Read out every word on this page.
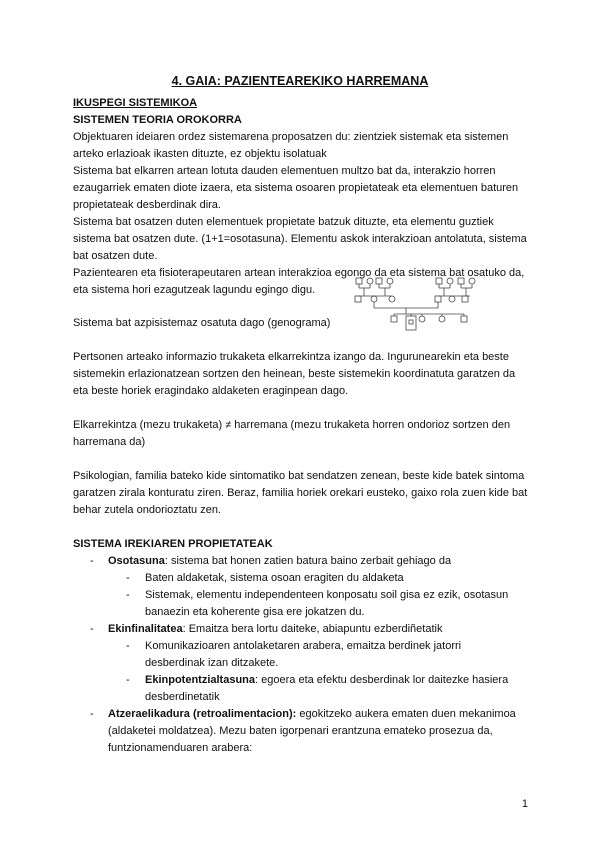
4. GAIA: PAZIENTEAREKIKO HARREMANA
IKUSPEGI SISTEMIKOA
SISTEMEN TEORIA OROKORRA
Objektuaren ideiaren ordez sistemarena proposatzen du: zientziek sistemak eta sistemen
arteko erlazioak ikasten dituzte, ez objektu isolatuak
Sistema bat elkarren artean lotuta dauden elementuen multzo bat da, interakzio horren
ezaugarriek ematen diote izaera, eta sistema osoaren propietateak eta elementuen baturen
propietateak desberdinak dira.
Sistema bat osatzen duten elementuek propietate batzuk dituzte, eta elementu guztiek
sistema bat osatzen dute. (1+1=osotasuna). Elementu askok interakzioan antolatuta, sistema
bat osatzen dute.
Pazientearen eta fisioterapeutaren artean interakzioa egongo da eta sistema bat osatuko da,
eta sistema hori ezagutzeak lagundu egingo digu.
Sistema bat azpisistemaz osatuta dago (genograma)
Pertsonen arteako informazio trukaketa elkarrekintza izango da. Ingurunearekin eta beste
sistemekin erlazionatzean sortzen den heinean, beste sistemekin koordinatuta garatzen da
eta beste horiek eragindako aldaketen eraginpean dago.
Elkarrekintza (mezu trukaketa) ≠ harremana (mezu trukaketa horren ondorioz sortzen den
harremana da)
Psikologian, familia bateko kide sintomatiko bat sendatzen zenean, beste kide batek sintoma
garatzen zirala konturatu ziren. Beraz, familia horiek orekari eusteko, gaixo rola zuen kide bat
behar zutela ondorioztatu zen.
SISTEMA IREKIAREN PROPIETATEAK
- Osotasuna: sistema bat honen zatien batura baino zerbait gehiago da
- Baten aldaketak, sistema osoan eragiten du aldaketa
- Sistemak, elementu independenteen konposatu soil gisa ez ezik, osotasun
banaezin eta koherente gisa ere jokatzen du.
- Ekinfinalitatea: Emaitza bera lortu daiteke, abiapuntu ezberdiñetatik
- Komunikazioaren antolaketaren arabera, emaitza berdinek jatorri
desberdinak izan ditzakete.
- Ekinpotentzialtasuna: egoera eta efektu desberdinak lor daitezke hasiera
desberdinetatik
- Atzeraelikadura (retroalimentacion): egokitzeko aukera ematen duen mekanimoa
(aldaketei moldatzea). Mezu baten igorpenari erantzuna emateko prosezua da,
funtzionamenduaren arabera:
1
